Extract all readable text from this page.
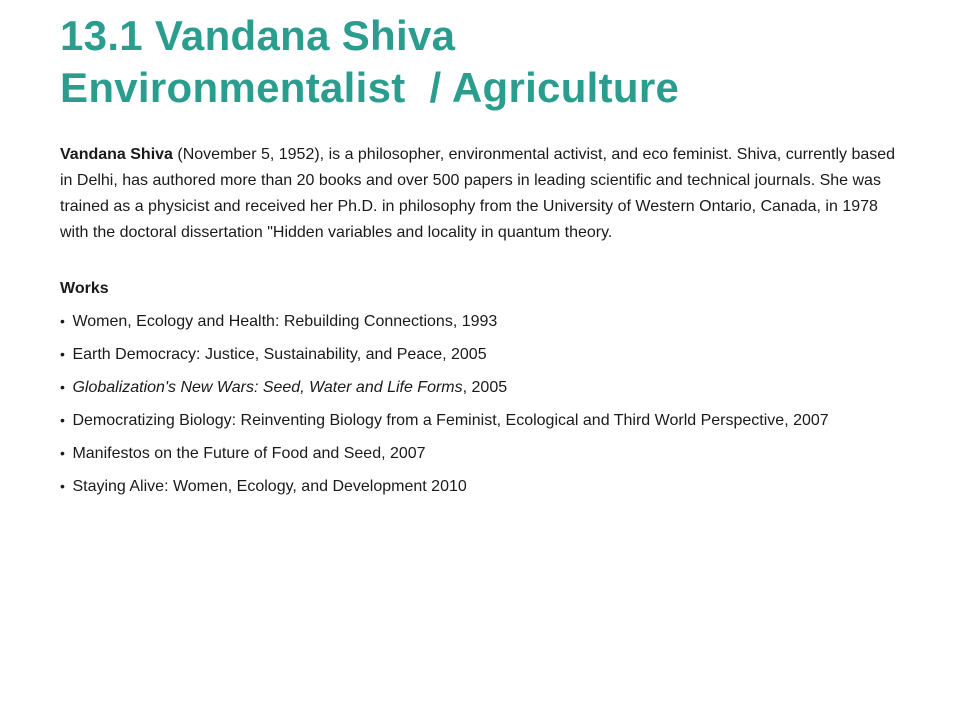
13.1 Vandana Shiva
Environmentalist  / Agriculture

Vandana Shiva (November 5, 1952), is a philosopher, environmental activist, and eco feminist. Shiva, currently based in Delhi, has authored more than 20 books and over 500 papers in leading scientific and technical journals. She was trained as a physicist and received her Ph.D. in philosophy from the University of Western Ontario, Canada, in 1978 with the doctoral dissertation "Hidden variables and locality in quantum theory.

Works
• Women, Ecology and Health: Rebuilding Connections, 1993
• Earth Democracy: Justice, Sustainability, and Peace, 2005
• Globalization's New Wars: Seed, Water and Life Forms, 2005
• Democratizing Biology: Reinventing Biology from a Feminist, Ecological and Third World Perspective, 2007
• Manifestos on the Future of Food and Seed, 2007
• Staying Alive: Women, Ecology, and Development 2010
